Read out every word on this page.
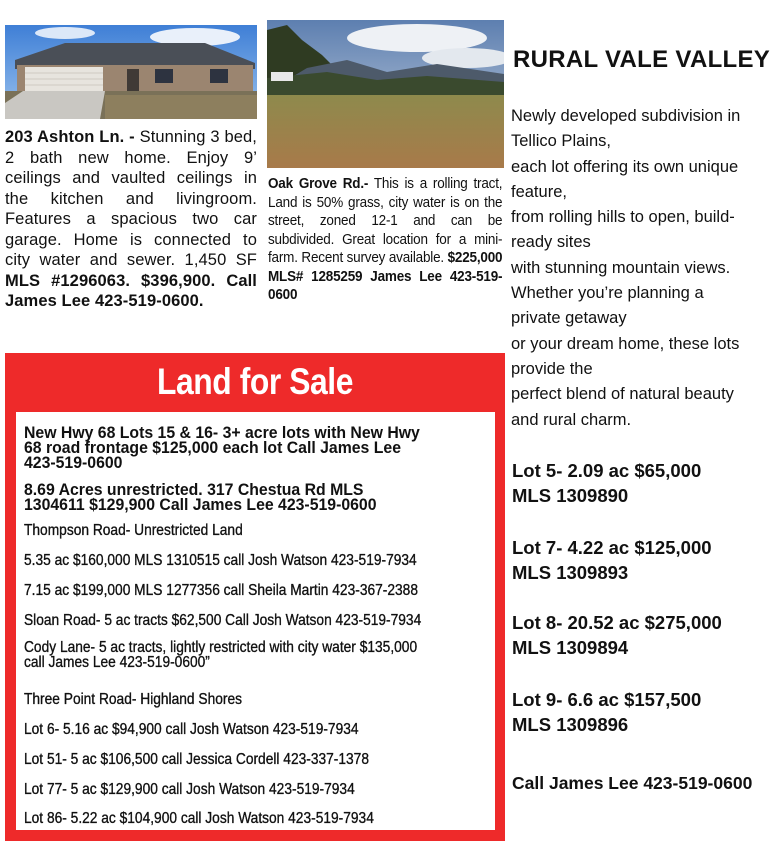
203 Ashton Ln. - Stunning 3 bed, 2 bath new home. Enjoy 9’ ceilings and vaulted ceilings in the kitchen and livingroom. Features a spacious two car garage. Home is connected to city water and sewer. 1,450 SF MLS #1296063. $396,900. Call James Lee 423-519-0600.
Oak Grove Rd.- This is a rolling tract, Land is 50% grass, city water is on the street, zoned 12-1 and can be subdivided. Great location for a mini-farm. Recent survey available. $225,000 MLS# 1285259 James Lee 423-519-0600
RURAL VALE VALLEY
Newly developed subdivision in
Tellico Plains,
each lot offering its own unique
feature,
from rolling hills to open, build-
ready sites
with stunning mountain views.
Whether you’re planning a
private getaway
or your dream home, these lots
provide the
perfect blend of natural beauty
and rural charm.
Lot 5- 2.09 ac $65,000
MLS 1309890
Lot 7- 4.22 ac $125,000
MLS 1309893
Lot 8- 20.52 ac $275,000
MLS 1309894
Lot 9- 6.6 ac $157,500
MLS 1309896
Call James Lee 423-519-0600
Land for Sale
New Hwy 68 Lots 15 & 16- 3+ acre lots with New Hwy
68 road frontage $125,000 each lot Call James Lee
423-519-0600
8.69 Acres unrestricted. 317 Chestua Rd MLS
1304611 $129,900 Call James Lee 423-519-0600
Thompson Road- Unrestricted Land
5.35 ac $160,000 MLS 1310515 call Josh Watson 423-519-7934
7.15 ac $199,000 MLS 1277356 call Sheila Martin 423-367-2388
Sloan Road- 5 ac tracts $62,500 Call Josh Watson 423-519-7934
Cody Lane- 5 ac tracts, lightly restricted with city water $135,000
call James Lee 423-519-0600”
Three Point Road- Highland Shores
Lot 6- 5.16 ac $94,900 call Josh Watson 423-519-7934
Lot 51- 5 ac $106,500 call Jessica Cordell 423-337-1378
Lot 77- 5 ac $129,900 call Josh Watson 423-519-7934
Lot 86- 5.22 ac $104,900 call Josh Watson 423-519-7934
